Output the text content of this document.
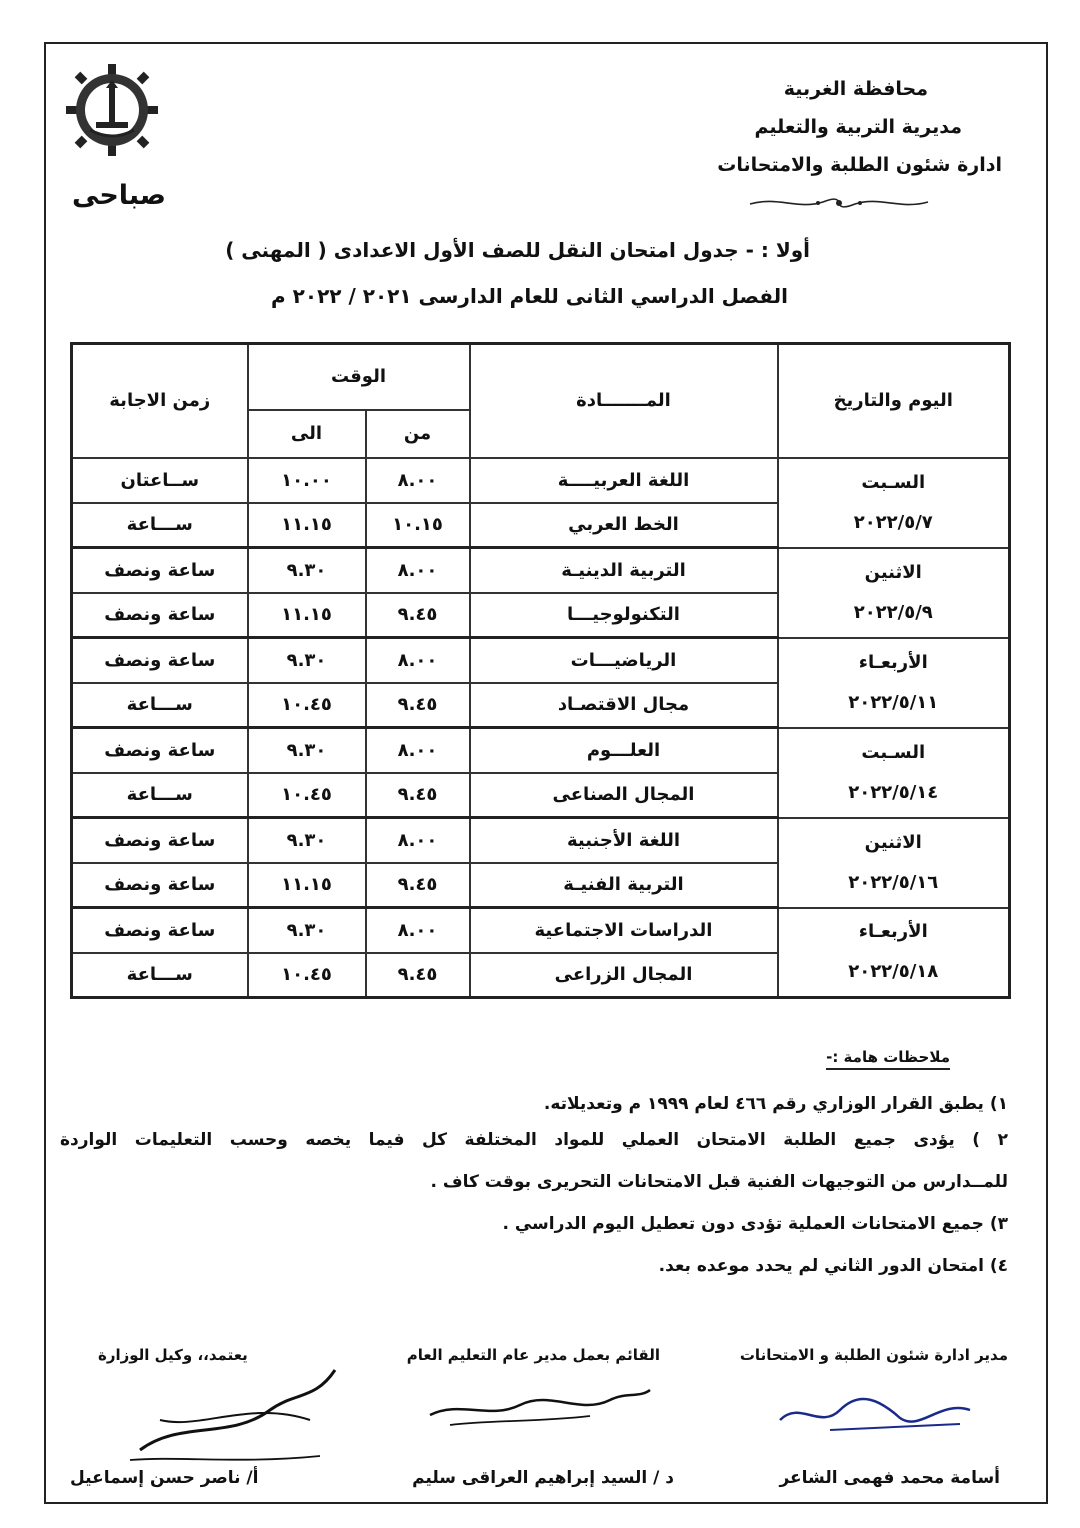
محافظة الغربية
مديرية التربية والتعليم
ادارة شئون الطلبة والامتحانات
صباحى
أولا : - جدول امتحان النقل للصف الأول الاعدادى ( المهنى )
الفصل الدراسي الثانى للعام الدارسى ٢٠٢١ / ٢٠٢٢ م
اليوم والتاريخ	المـــــــادة	الوقت		زمن الاجابة
		من	الى	

السـبت
٢٠٢٢/٥/٧	اللغة العربيــــة	٨.٠٠	١٠.٠٠	ســاعتان
	الخط العربي	١٠.١٥	١١.١٥	ســـاعة

الاثنين
٢٠٢٢/٥/٩	التربية الدينيـة	٨.٠٠	٩.٣٠	ساعة ونصف
	التكنولوجيـــا	٩.٤٥	١١.١٥	ساعة ونصف

الأربعـاء
٢٠٢٢/٥/١١	الرياضيـــات	٨.٠٠	٩.٣٠	ساعة ونصف
	مجال الاقتصـاد	٩.٤٥	١٠.٤٥	ســـاعة

السـبت
٢٠٢٢/٥/١٤	العلـــوم	٨.٠٠	٩.٣٠	ساعة ونصف
	المجال الصناعى	٩.٤٥	١٠.٤٥	ســـاعة

الاثنين
٢٠٢٢/٥/١٦	اللغة الأجنبية	٨.٠٠	٩.٣٠	ساعة ونصف
	التربية الفنيـة	٩.٤٥	١١.١٥	ساعة ونصف

الأربعـاء
٢٠٢٢/٥/١٨	الدراسات الاجتماعية	٨.٠٠	٩.٣٠	ساعة ونصف
	المجال الزراعى	٩.٤٥	١٠.٤٥	ســـاعة
ملاحظات هامة :-
١) يطبق القرار الوزاري رقم ٤٦٦ لعام ١٩٩٩ م وتعديلاته.
٢ ) يؤدى جميع الطلبة الامتحان العملي للمواد المختلفة كل فيما يخصه وحسب التعليمات الواردة
للمــدارس من التوجيهات الفنية قبل الامتحانات التحريرى بوقت كاف .
٣) جميع الامتحانات العملية تؤدى دون تعطيل اليوم الدراسي .
٤) امتحان الدور الثاني لم يحدد موعده بعد.
مدير ادارة شئون الطلبة و الامتحانات
القائم بعمل مدير عام التعليم العام
يعتمد،، وكيل الوزارة
أسامة محمد فهمى الشاعر
د / السيد إبراهيم العراقى سليم
أ/ ناصر حسن إسماعيل
